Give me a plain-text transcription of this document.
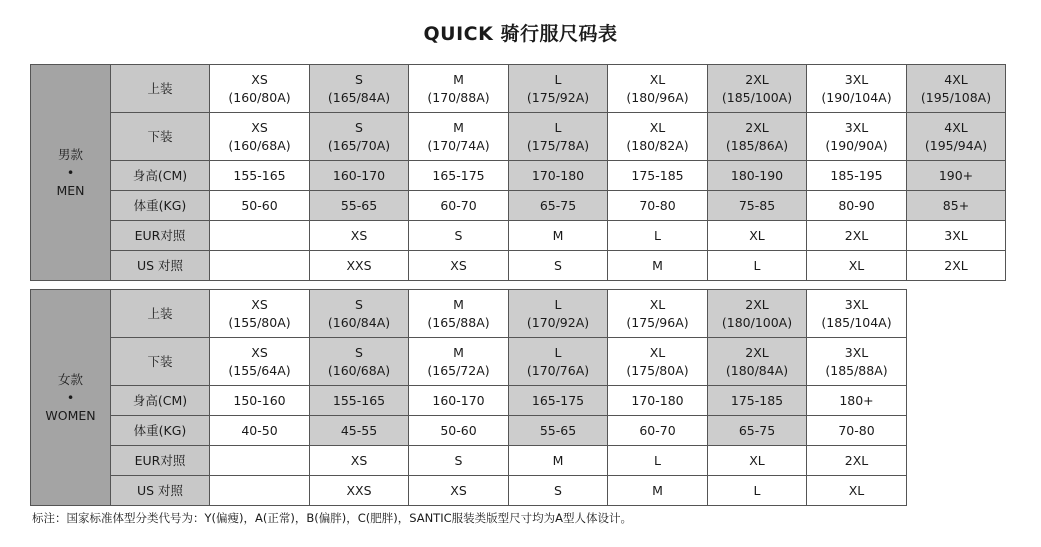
QUICK 骑行服尺码表
男款
•
MEN	上装	XS
(160/80A)	S
(165/84A)	M
(170/88A)	L
(175/92A)	XL
(180/96A)	2XL
(185/100A)	3XL
(190/104A)	4XL
(195/108A)

	下装	XS
(160/68A)	S
(165/70A)	M
(170/74A)	L
(175/78A)	XL
(180/82A)	2XL
(185/86A)	3XL
(190/90A)	4XL
(195/94A)

	身高(CM)	155-165	160-170	165-175	170-180	175-185	180-190	185-195	190+
	体重(KG)	50-60	55-65	60-70	65-75	70-80	75-85	80-90	85+
	EUR对照		XS	S	M	L	XL	2XL	3XL
	US 对照		XXS	XS	S	M	L	XL	2XL
女款
•
WOMEN	上装	XS
(155/80A)	S
(160/84A)	M
(165/88A)	L
(170/92A)	XL
(175/96A)	2XL
(180/100A)	3XL
(185/104A)

	下装	XS
(155/64A)	S
(160/68A)	M
(165/72A)	L
(170/76A)	XL
(175/80A)	2XL
(180/84A)	3XL
(185/88A)

	身高(CM)	150-160	155-165	160-170	165-175	170-180	175-185	180+
	体重(KG)	40-50	45-55	50-60	55-65	60-70	65-75	70-80
	EUR对照		XS	S	M	L	XL	2XL
	US 对照		XXS	XS	S	M	L	XL
标注：国家标准体型分类代号为：Y(偏瘦)，A(正常)，B(偏胖)，C(肥胖)，SANTIC服装类版型尺寸均为A型人体设计。
